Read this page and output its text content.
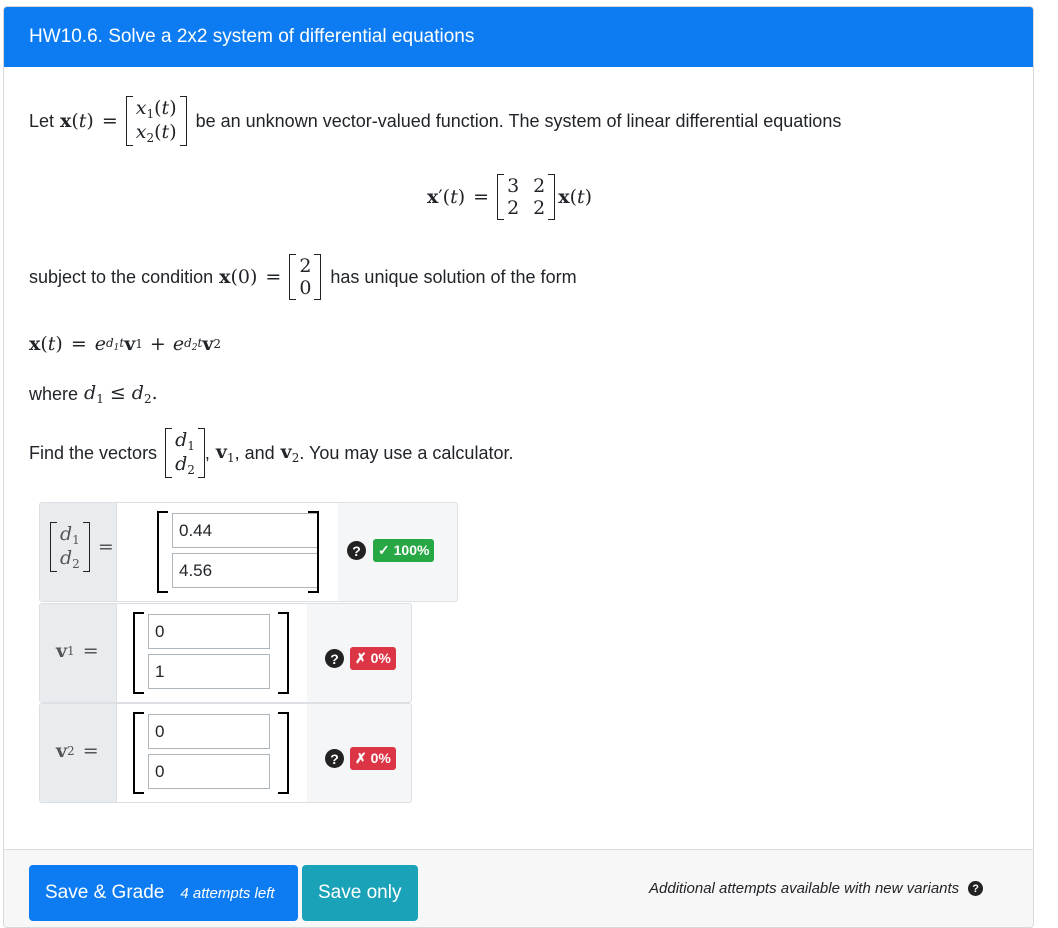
HW10.6. Solve a 2x2 system of differential equations
Let x(t) =
$x_1(t)$
$x_2(t)$
be an unknown vector-valued function. The system of linear differential equations
x′(t) = 3 2
2 2 x(t)
subject to the condition x(0) = 2
0
has unique solution of the form
x ( t ) = e $d_1t$ v 1 + e $d_2t$ v 2
where $d_1 \le d_2$.
Find the vectors
$d_1$
$d_2$
, $v_1$ , and $v_2$ . You may use a calculator.
$d_1$
$d_2$
=
0.44
4.56	?	✓ 100%
v 1 =
0
1	?	✗ 0%
v 2 =
0
0	?	✗ 0%
Save & Grade 4 attempts left Save only	Additional attempts available with new variants	?
